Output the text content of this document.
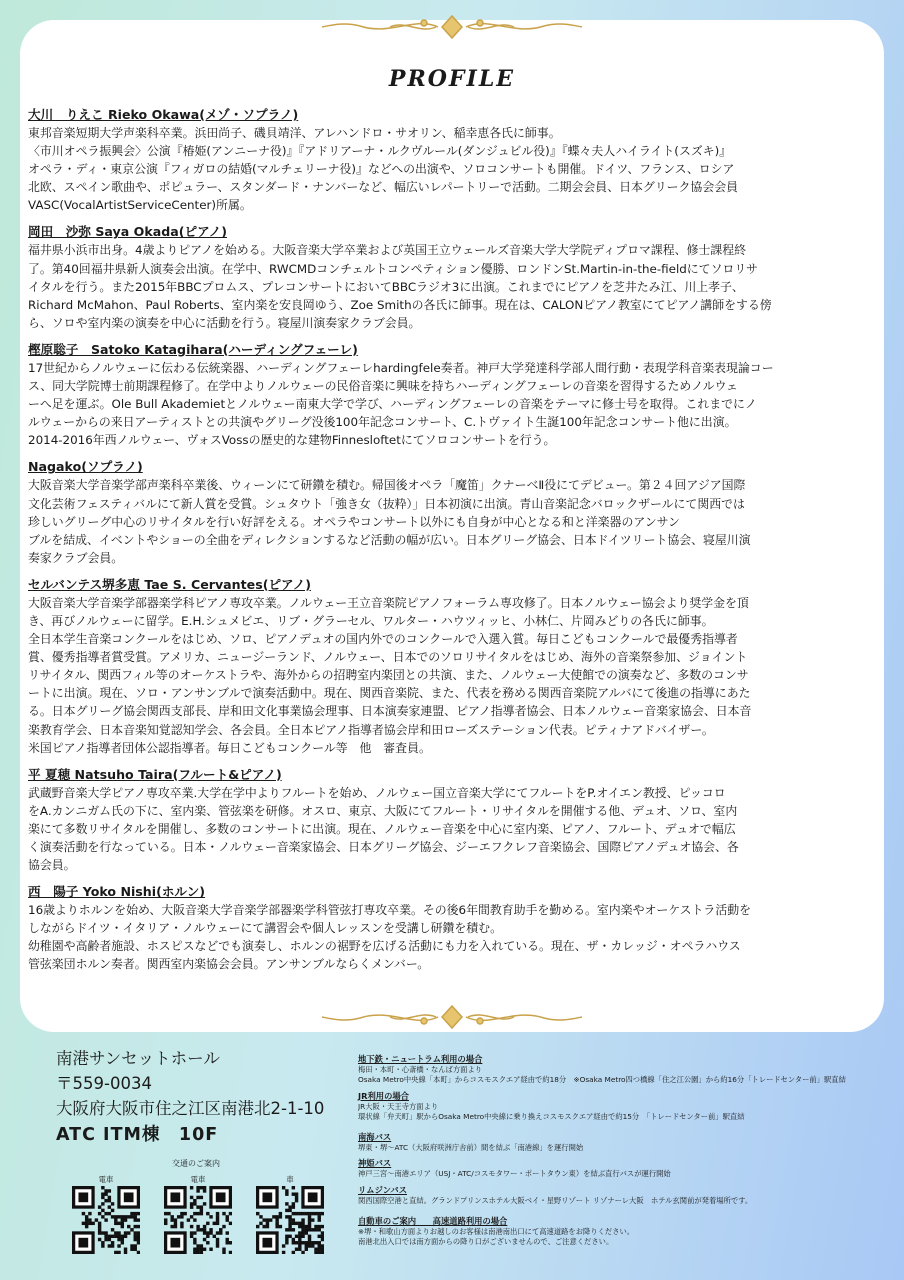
PROFILE

大川　りえこ Rieko Okawa(メゾ・ソプラノ)

東邦音楽短期大学声楽科卒業。浜田尚子、磯貝靖洋、アレハンドロ・サオリン、稲幸恵各氏に師事。

〈市川オペラ振興会〉公演『椿姫(アンニーナ役)』『アドリアーナ・ルクヴルール(ダンジュビル役)』『蝶々夫人ハイライト(スズキ)』

オペラ・ディ・東京公演『フィガロの結婚(マルチェリーナ役)』などへの出演や、ソロコンサートも開催。ドイツ、フランス、ロシア

北欧、スペイン歌曲や、ポピュラー、スタンダード・ナンバーなど、幅広いレパートリーで活動。二期会会員、日本グリーク協会会員

VASC(VocalArtistServiceCenter)所属。

岡田　沙弥 Saya Okada(ピアノ)

福井県小浜市出身。4歳よりピアノを始める。大阪音楽大学卒業および英国王立ウェールズ音楽大学大学院ディプロマ課程、修士課程終

了。第40回福井県新人演奏会出演。在学中、RWCMDコンチェルトコンペティション優勝、ロンドンSt.Martin-in-the-fieldにてソロリサ

イタルを行う。また2015年BBCプロムス、プレコンサートにおいてBBCラジオ3に出演。これまでにピアノを芝井たみ江、川上孝子、

Richard McMahon、Paul Roberts、室内楽を安良岡ゆう、Zoe Smithの各氏に師事。現在は、CALONピアノ教室にてピアノ講師をする傍

ら、ソロや室内楽の演奏を中心に活動を行う。寝屋川演奏家クラブ会員。

樫原聡子　Satoko Katagihara(ハーディングフェーレ)

17世紀からノルウェーに伝わる伝統楽器、ハーディングフェーレhardingfele奏者。神戸大学発達科学部人間行動・表現学科音楽表現論コー

ス、同大学院博士前期課程修了。在学中よりノルウェーの民俗音楽に興味を持ちハーディングフェーレの音楽を習得するためノルウェ

ーへ足を運ぶ。Ole Bull Akademietとノルウェー南東大学で学び、ハーディングフェーレの音楽をテーマに修士号を取得。これまでにノ

ルウェーからの来日アーティストとの共演やグリーグ没後100年記念コンサート、C.トヴァイト生誕100年記念コンサート他に出演。

2014-2016年西ノルウェー、ヴォスVossの歴史的な建物Finnesloftetにてソロコンサートを行う。

Nagako(ソプラノ)

大阪音楽大学音楽学部声楽科卒業後、ウィーンにて研鑽を積む。帰国後オペラ「魔笛」クナーベⅡ役にてデビュー。第２４回アジア国際

文化芸術フェスティバルにて新人賞を受賞。シュタウト「強き女（抜粋）」日本初演に出演。青山音楽記念バロックザールにて関西では

珍しいグリーグ中心のリサイタルを行い好評をえる。オペラやコンサート以外にも自身が中心となる和と洋楽器のアンサン

ブルを結成、イベントやショーの全曲をディレクションするなど活動の幅が広い。日本グリーグ協会、日本ドイツリート協会、寝屋川演

奏家クラブ会員。

セルバンテス堺多恵 Tae S. Cervantes(ピアノ)

大阪音楽大学音楽学部器楽学科ピアノ専攻卒業。ノルウェー王立音楽院ピアノフォーラム専攻修了。日本ノルウェー協会より奨学金を頂

き、再びノルウェーに留学。E.H.シュメビエ、リブ・グラーセル、ワルター・ハウツィッヒ、小林仁、片岡みどりの各氏に師事。

全日本学生音楽コンクールをはじめ、ソロ、ピアノデュオの国内外でのコンクールで入選入賞。毎日こどもコンクールで最優秀指導者

賞、優秀指導者賞受賞。アメリカ、ニュージーランド、ノルウェー、日本でのソロリサイタルをはじめ、海外の音楽祭参加、ジョイント

リサイタル、関西フィル等のオーケストラや、海外からの招聘室内楽団との共演、また、ノルウェー大使館での演奏など、多数のコンサ

ートに出演。現在、ソロ・アンサンブルで演奏活動中。現在、関西音楽院、また、代表を務める関西音楽院アルバにて後進の指導にあた

る。日本グリーグ協会関西支部長、岸和田文化事業協会理事、日本演奏家連盟、ピアノ指導者協会、日本ノルウェー音楽家協会、日本音

楽教育学会、日本音楽知覚認知学会、各会員。全日本ピアノ指導者協会岸和田ローズステーション代表。ピティナアドバイザー。

米国ピアノ指導者団体公認指導者。毎日こどもコンクール等　他　審査員。

平 夏穂 Natsuho Taira(フルート&ピアノ)

武蔵野音楽大学ピアノ専攻卒業.大学在学中よりフルートを始め、ノルウェー国立音楽大学にてフルートをP.オイエン教授、ピッコロ

をA.カンニガム氏の下に、室内楽、管弦楽を研修。オスロ、東京、大阪にてフルート・リサイタルを開催する他、デュオ、ソロ、室内

楽にて多数リサイタルを開催し、多数のコンサートに出演。現在、ノルウェー音楽を中心に室内楽、ピアノ、フルート、デュオで幅広

く演奏活動を行なっている。日本・ノルウェー音楽家協会、日本グリーグ協会、ジーエフクレフ音楽協会、国際ピアノデュオ協会、各

協会員。

西　陽子 Yoko Nishi(ホルン)

16歳よりホルンを始め、大阪音楽大学音楽学部器楽学科管弦打専攻卒業。その後6年間教育助手を勤める。室内楽やオーケストラ活動を

しながらドイツ・イタリア・ノルウェーにて講習会や個人レッスンを受講し研鑽を積む。

幼稚園や高齢者施設、ホスピスなどでも演奏し、ホルンの裾野を広げる活動にも力を入れている。現在、ザ・カレッジ・オペラハウス

管弦楽団ホルン奏者。関西室内楽協会会員。アンサンブルならくメンバー。

南港サンセットホール

〒559-0034

大阪府大阪市住之江区南港北2-1-10

ATC ITM棟　10F

交通のご案内
電車	電車	車

地下鉄・ニュートラム利用の場合

梅田・本町・心斎橋・なんば方面より

Osaka Metro中央線「本町」からコスモスクエア経由で約18分　※Osaka Metro四つ橋線「住之江公園」から約16分「トレードセンター前」駅直結

JR利用の場合

JR大阪・天王寺方面より

環状線「弁天町」駅からOsaka Metro中央線に乗り換えコスモスクエア経由で約15分　「トレードセンター前」駅直結

南海バス

堺東・堺〜ATC（大阪府咲洲庁舎前）間を結ぶ「南港線」を運行開始

神姫バス

神戸三宮〜南港エリア（USJ・ATC/コスモタワー・ポートタウン東）を結ぶ直行バスが運行開始

リムジンバス

関西国際空港と直結。グランドプリンスホテル大阪ベイ・星野リゾート リゾナーレ大阪　ホテル玄関前が発着場所です。

自動車のご案内　　高速道路利用の場合

※堺・和歌山方面よりお越しのお客様は南港南出口にて高速道路をお降りください。

南港北出入口では南方面からの降り口がございませんので、ご注意ください。
